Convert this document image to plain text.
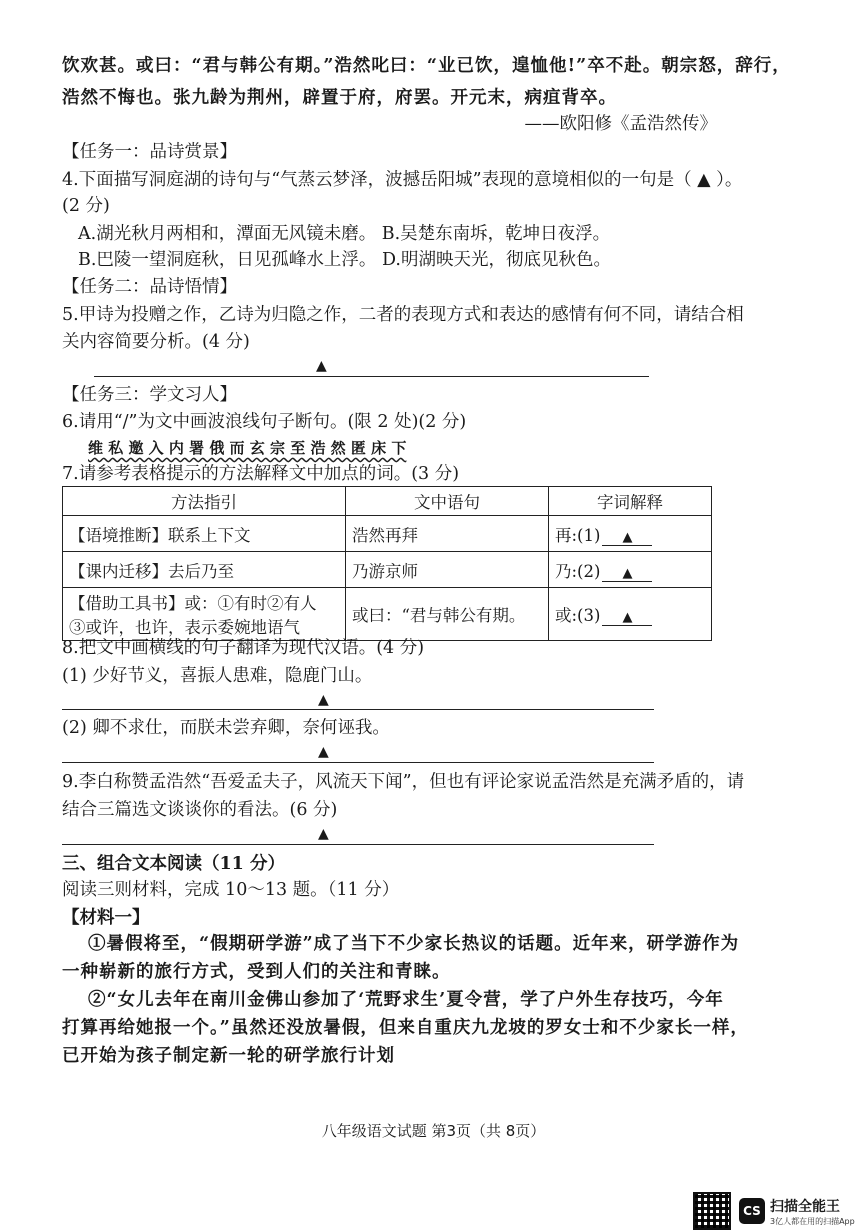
饮欢甚。或曰：“君与韩公有期。”浩然叱曰：“业已饮，遑恤他!”卒不赴。朝宗怒，辞行，
浩然不悔也。张九龄为荆州，辟置于府，府罢。开元末，病疽背卒。
——欧阳修《孟浩然传》
【任务一：品诗赏景】
4.下面描写洞庭湖的诗句与“气蒸云梦泽，波撼岳阳城”表现的意境相似的一句是（ ▲ ）。
(2 分)
A.湖光秋月两相和，潭面无风镜未磨。 B.吴楚东南坼，乾坤日夜浮。
B.巴陵一望洞庭秋，日见孤峰水上浮。 D.明湖映天光，彻底见秋色。
【任务二：品诗悟情】
5.甲诗为投赠之作，乙诗为归隐之作，二者的表现方式和表达的感情有何不同，请结合相
关内容简要分析。(4 分)
▲
【任务三：学文习人】
6.请用“/”为文中画波浪线句子断句。(限 2 处)(2 分)
维 私 邀 入 内 署 俄 而 玄 宗 至 浩 然 匿 床 下
7.请参考表格提示的方法解释文中加点的词。(3 分)
方法指引	文中语句	字词解释
【语境推断】联系上下文	浩然再拜	再:(1) ▲
【课内迁移】去后乃至	乃游京师	乃:(2) ▲

【借助工具书】或：①有时②有人
③或许，也许，表示委婉地语气	或曰：“君与韩公有期。	或:(3) ▲
8.把文中画横线的句子翻译为现代汉语。(4 分)
(1) 少好节义，喜振人患难，隐鹿门山。
▲
(2) 卿不求仕，而朕未尝弃卿，奈何诬我。
▲
9.李白称赞孟浩然“吾爱孟夫子，风流天下闻”，但也有评论家说孟浩然是充满矛盾的，请
结合三篇选文谈谈你的看法。(6 分)
▲
三、组合文本阅读（11 分）
阅读三则材料，完成 10～13 题。（11 分）
【材料一】
①暑假将至，“假期研学游”成了当下不少家长热议的话题。近年来，研学游作为
一种崭新的旅行方式，受到人们的关注和青睐。
②“女儿去年在南川金佛山参加了‘荒野求生’夏令营，学了户外生存技巧，今年
打算再给她报一个。”虽然还没放暑假，但来自重庆九龙坡的罗女士和不少家长一样，
已开始为孩子制定新一轮的研学旅行计划
八年级语文试题 第3页（共 8页）
CS 扫描全能王
3亿人都在用的扫描App
